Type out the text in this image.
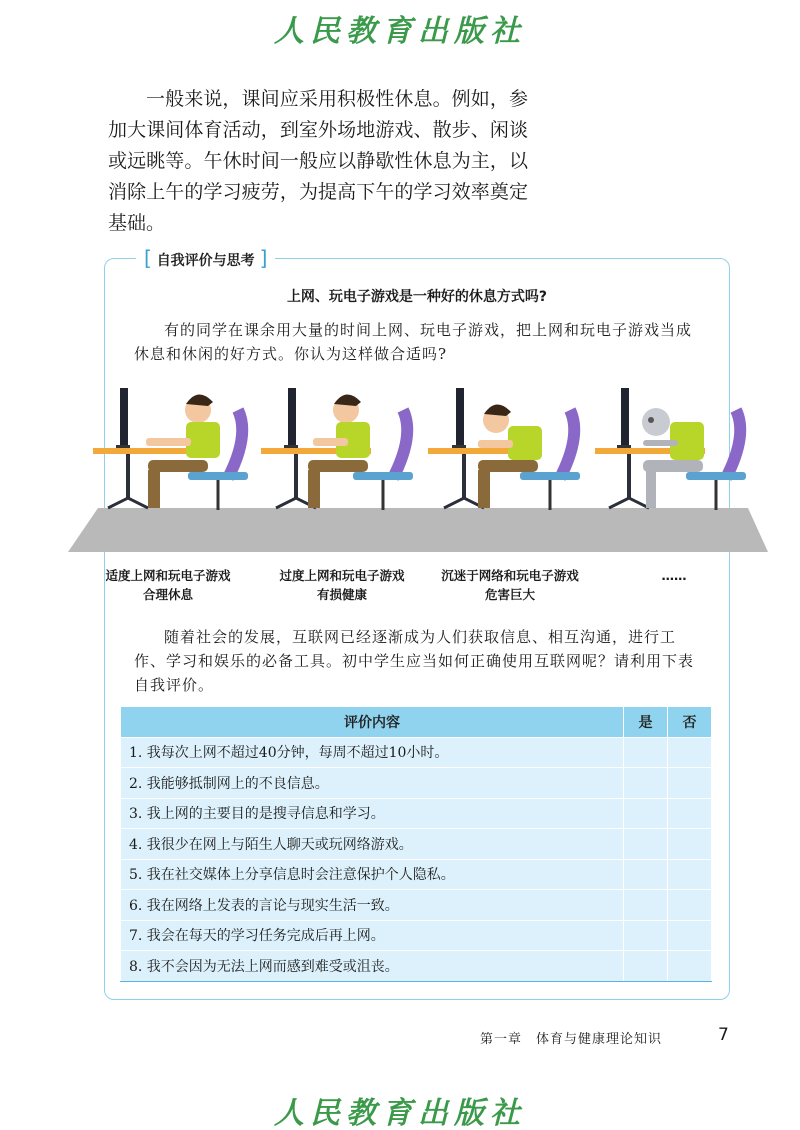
人民教育出版社

一般来说，课间应采用积极性休息。例如，参加大课间体育活动，到室外场地游戏、散步、闲谈或远眺等。午休时间一般应以静歇性休息为主，以消除上午的学习疲劳，为提高下午的学习效率奠定基础。

[ 自我评价与思考 ]
上网、玩电子游戏是一种好的休息方式吗?

有的同学在课余用大量的时间上网、玩电子游戏，把上网和玩电子游戏当成休息和休闲的好方式。你认为这样做合适吗?

适度上网和玩电子游戏
合理休息
过度上网和玩电子游戏
有损健康
沉迷于网络和玩电子游戏
危害巨大
……

随着社会的发展，互联网已经逐渐成为人们获取信息、相互沟通，进行工作、学习和娱乐的必备工具。初中学生应当如何正确使用互联网呢？请利用下表自我评价。

评价内容	是	否
1. 我每次上网不超过40分钟，每周不超过10小时。		
2. 我能够抵制网上的不良信息。		
3. 我上网的主要目的是搜寻信息和学习。		
4. 我很少在网上与陌生人聊天或玩网络游戏。		
5. 我在社交媒体上分享信息时会注意保护个人隐私。		
6. 我在网络上发表的言论与现实生活一致。		
7. 我会在每天的学习任务完成后再上网。		
8. 我不会因为无法上网而感到难受或沮丧。		
第一章　体育与健康理论知识	7
人民教育出版社
